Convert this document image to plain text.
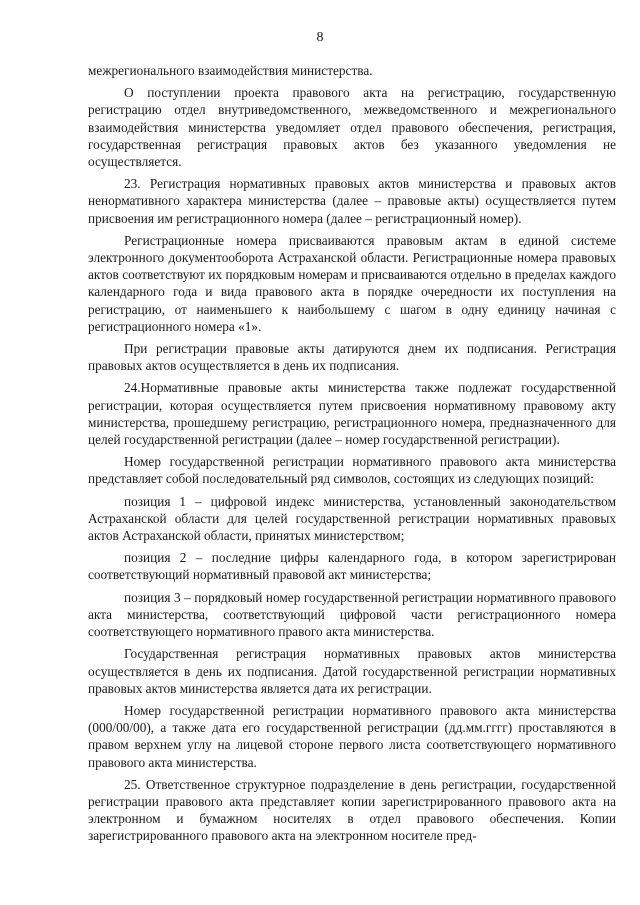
8

межрегионального взаимодействия министерства.

О поступлении проекта правового акта на регистрацию, государственную регистрацию отдел внутриведомственного, межведомственного и межрегионального взаимодействия министерства уведомляет отдел правового обеспечения, регистрация, государственная регистрация правовых актов без указанного уведомления не осуществляется.

23. Регистрация нормативных правовых актов министерства и правовых актов ненормативного характера министерства (далее – правовые акты) осуществляется путем присвоения им регистрационного номера (далее – регистрационный номер).

Регистрационные номера присваиваются правовым актам в единой системе электронного документооборота Астраханской области. Регистрационные номера правовых актов соответствуют их порядковым номерам и присваиваются отдельно в пределах каждого календарного года и вида правового акта в порядке очередности их поступления на регистрацию, от наименьшего к наибольшему с шагом в одну единицу начиная с регистрационного номера «1».

При регистрации правовые акты датируются днем их подписания. Регистрация правовых актов осуществляется в день их подписания.

24.Нормативные правовые акты министерства также подлежат государственной регистрации, которая осуществляется путем присвоения нормативному правовому акту министерства, прошедшему регистрацию, регистрационного номера, предназначенного для целей государственной регистрации (далее – номер государственной регистрации).

Номер государственной регистрации нормативного правового акта министерства представляет собой последовательный ряд символов, состоящих из следующих позиций:

позиция 1 – цифровой индекс министерства, установленный законодательством Астраханской области для целей государственной регистрации нормативных правовых актов Астраханской области, принятых министерством;

позиция 2 – последние цифры календарного года, в котором зарегистрирован соответствующий нормативный правовой акт министерства;

позиция 3 – порядковый номер государственной регистрации нормативного правового акта министерства, соответствующий цифровой части регистрационного номера соответствующего нормативного правого акта министерства.

Государственная регистрация нормативных правовых актов министерства осуществляется в день их подписания. Датой государственной регистрации нормативных правовых актов министерства является дата их регистрации.

Номер государственной регистрации нормативного правового акта министерства (000/00/00), а также дата его государственной регистрации (дд.мм.гггг) проставляются в правом верхнем углу на лицевой стороне первого листа соответствующего нормативного правового акта министерства.

25. Ответственное структурное подразделение в день регистрации, государственной регистрации правового акта представляет копии зарегистрированного правового акта на электронном и бумажном носителях в отдел правового обеспечения. Копии зарегистрированного правового акта на электронном носителе пред-
